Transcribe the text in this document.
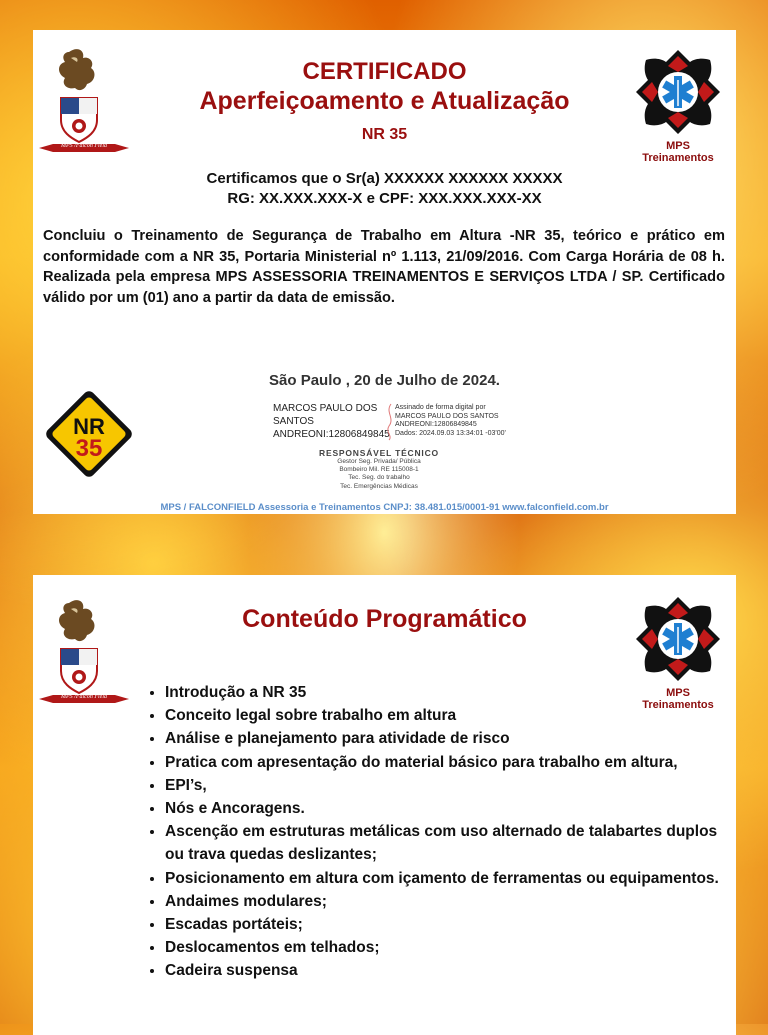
MPS /Falcon Field
CERTIFICADO
Aperfeiçoamento e Atualização
NR 35
MPS Treinamentos
Certificamos que o Sr(a) XXXXXX XXXXXX XXXXX
RG: XX.XXX.XXX-X e CPF: XXX.XXX.XXX-XX
Concluiu o Treinamento de Segurança de Trabalho em Altura -NR 35, teórico e prático em conformidade com a NR 35, Portaria Ministerial nº 1.113, 21/09/2016. Com Carga Horária de 08 h. Realizada pela empresa MPS ASSESSORIA TREINAMENTOS E SERVIÇOS LTDA / SP. Certificado válido por um (01) ano a partir da data de emissão.
São Paulo , 20 de Julho de 2024.
NR
35
MARCOS PAULO DOS
SANTOS
ANDREONI:12806849845
Assinado de forma digital por
MARCOS PAULO DOS SANTOS
ANDREONI:12806849845
Dados: 2024.09.03 13:34:01 -03'00'
RESPONSÁVEL TÉCNICO
Gestor Seg. Privada/ Pública
Bombeiro Mil. RE 115008-1
Tec. Seg. do trabalho
Tec. Emergências Médicas
MPS / FALCONFIELD Assessoria e Treinamentos CNPJ: 38.481.015/0001-91 www.falconfield.com.br
MPS /Falcon Field
Conteúdo Programático
MPS Treinamentos
• Introdução a NR 35
• Conceito legal sobre trabalho em altura
• Análise e planejamento para atividade de risco
• Pratica com apresentação do material básico para trabalho em altura,
• EPI’s,
• Nós e Ancoragens.
• Ascenção em estruturas metálicas com uso alternado de talabartes duplos ou trava quedas deslizantes;
• Posicionamento em altura com içamento de ferramentas ou equipamentos.
• Andaimes modulares;
• Escadas portáteis;
• Deslocamentos em telhados;
• Cadeira suspensa
